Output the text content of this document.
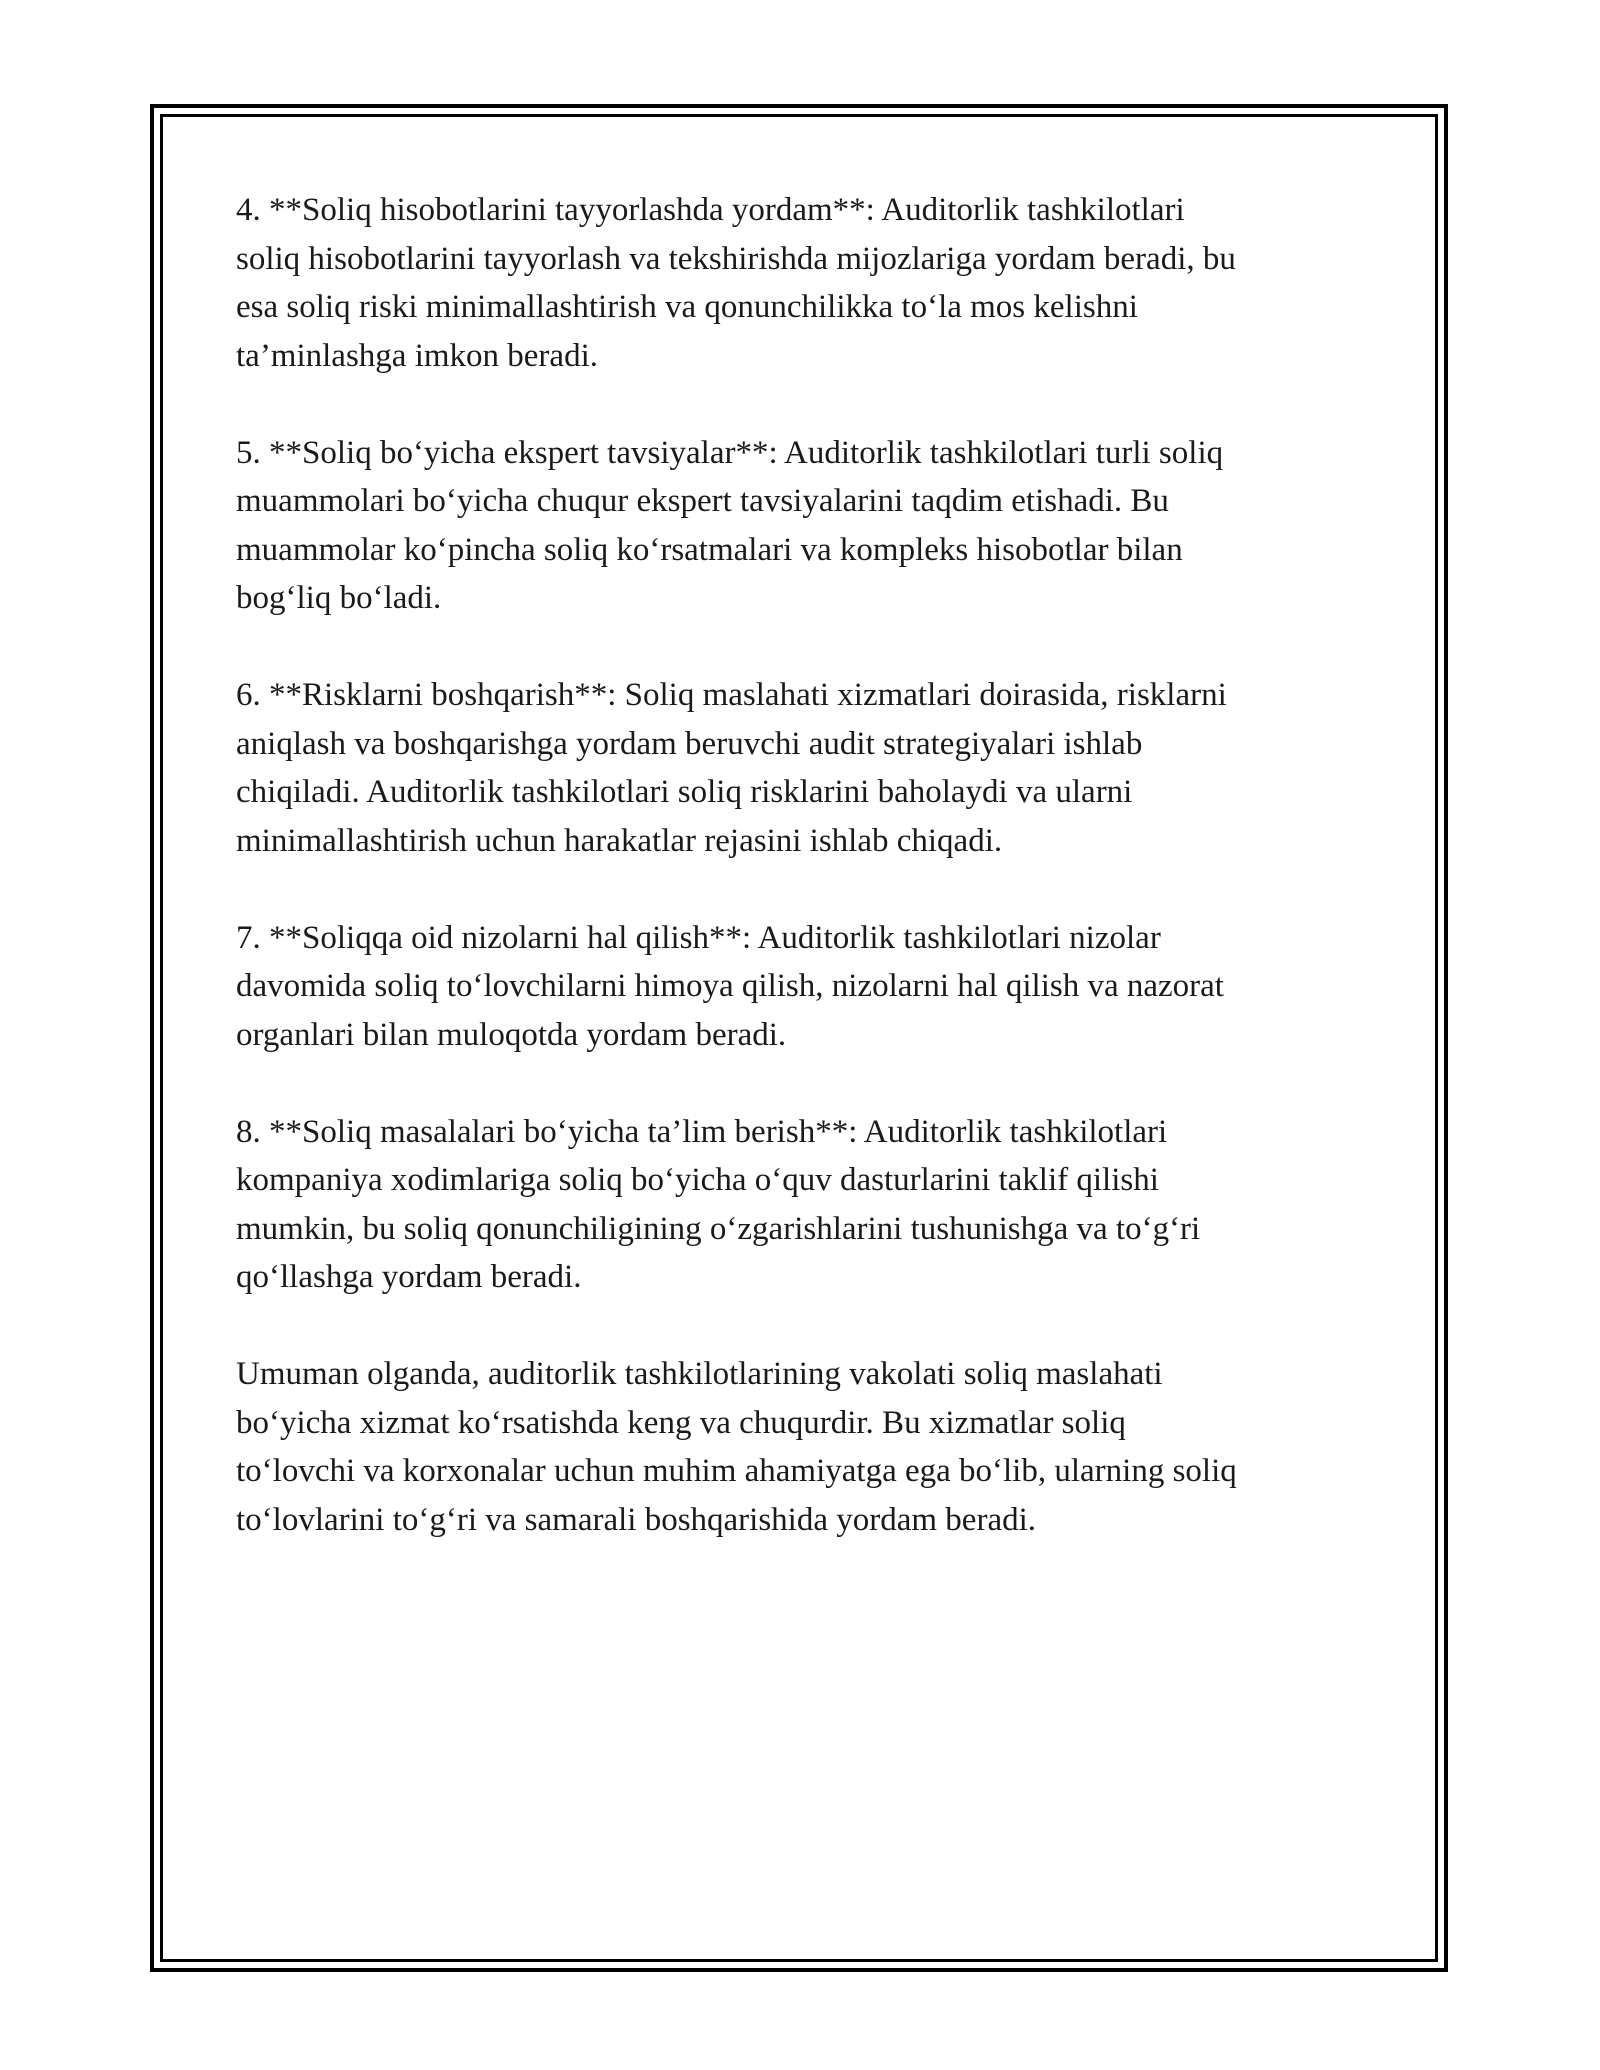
4. **Soliq hisobotlarini tayyorlashda yordam**: Auditorlik tashkilotlari
soliq hisobotlarini tayyorlash va tekshirishda mijozlariga yordam beradi, bu
esa soliq riski minimallashtirish va qonunchilikka to‘la mos kelishni
ta’minlashga imkon beradi.

5. **Soliq bo‘yicha ekspert tavsiyalar**: Auditorlik tashkilotlari turli soliq
muammolari bo‘yicha chuqur ekspert tavsiyalarini taqdim etishadi. Bu
muammolar ko‘pincha soliq ko‘rsatmalari va kompleks hisobotlar bilan
bog‘liq bo‘ladi.

6. **Risklarni boshqarish**: Soliq maslahati xizmatlari doirasida, risklarni
aniqlash va boshqarishga yordam beruvchi audit strategiyalari ishlab
chiqiladi. Auditorlik tashkilotlari soliq risklarini baholaydi va ularni
minimallashtirish uchun harakatlar rejasini ishlab chiqadi.

7. **Soliqqa oid nizolarni hal qilish**: Auditorlik tashkilotlari nizolar
davomida soliq to‘lovchilarni himoya qilish, nizolarni hal qilish va nazorat
organlari bilan muloqotda yordam beradi.

8. **Soliq masalalari bo‘yicha ta’lim berish**: Auditorlik tashkilotlari
kompaniya xodimlariga soliq bo‘yicha o‘quv dasturlarini taklif qilishi
mumkin, bu soliq qonunchiligining o‘zgarishlarini tushunishga va to‘g‘ri
qo‘llashga yordam beradi.

Umuman olganda, auditorlik tashkilotlarining vakolati soliq maslahati
bo‘yicha xizmat ko‘rsatishda keng va chuqurdir. Bu xizmatlar soliq
to‘lovchi va korxonalar uchun muhim ahamiyatga ega bo‘lib, ularning soliq
to‘lovlarini to‘g‘ri va samarali boshqarishida yordam beradi.
